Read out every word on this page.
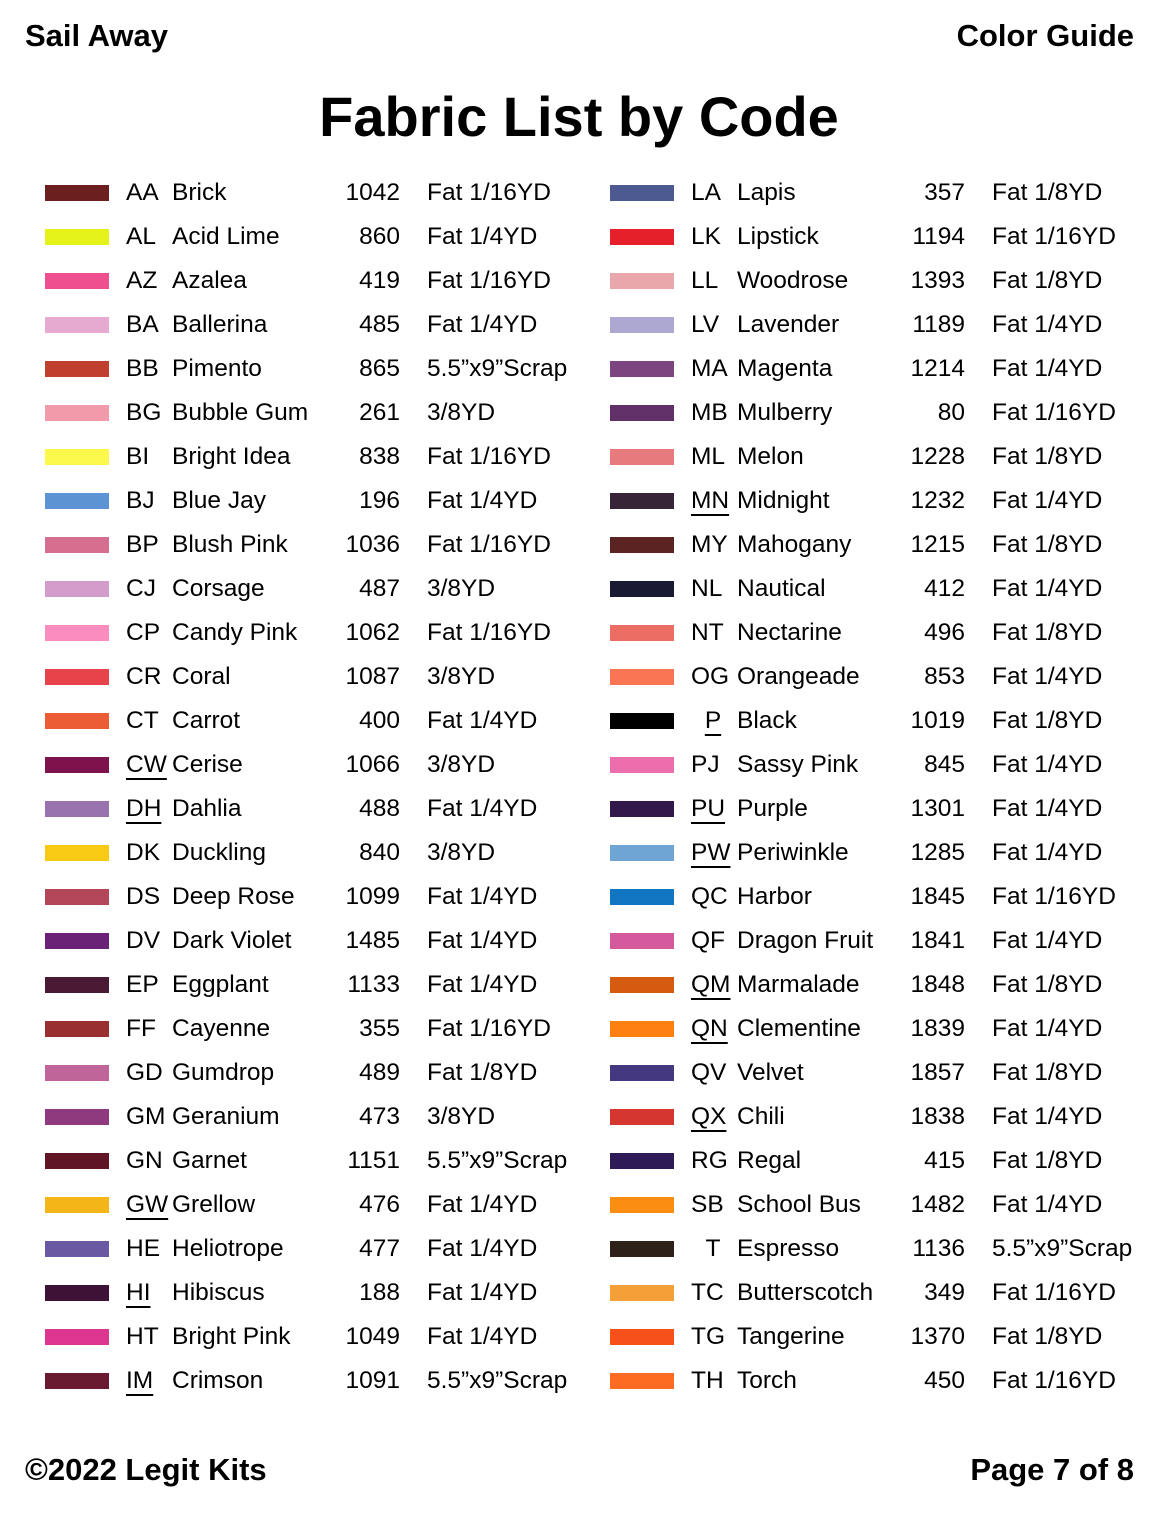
Sail Away	Color Guide
Fabric List by Code
AA Brick	1042 Fat 1/16YD
AL Acid Lime	860 Fat 1/4YD
AZ Azalea	419 Fat 1/16YD
BA Ballerina	485 Fat 1/4YD
BB Pimento	865 5.5”x9”Scrap
BG Bubble Gum	261 3/8YD
BI Bright Idea	838 Fat 1/16YD
BJ Blue Jay	196 Fat 1/4YD
BP Blush Pink	1036 Fat 1/16YD
CJ Corsage	487 3/8YD
CP Candy Pink	1062 Fat 1/16YD
CR Coral	1087 3/8YD
CT Carrot	400 Fat 1/4YD
CW Cerise	1066 3/8YD
DH Dahlia	488 Fat 1/4YD
DK Duckling	840 3/8YD
DS Deep Rose	1099 Fat 1/4YD
DV Dark Violet	1485 Fat 1/4YD
EP Eggplant	1133 Fat 1/4YD
FF Cayenne	355 Fat 1/16YD
GD Gumdrop	489 Fat 1/8YD
GM Geranium	473 3/8YD
GN Garnet	1151 5.5”x9”Scrap
GW Grellow	476 Fat 1/4YD
HE Heliotrope	477 Fat 1/4YD
HI Hibiscus	188 Fat 1/4YD
HT Bright Pink	1049 Fat 1/4YD
IM Crimson	1091 5.5”x9”Scrap
LA Lapis	357 Fat 1/8YD
LK Lipstick	1194 Fat 1/16YD
LL Woodrose	1393 Fat 1/8YD
LV Lavender	1189 Fat 1/4YD
MA Magenta	1214 Fat 1/4YD
MB Mulberry	80 Fat 1/16YD
ML Melon	1228 Fat 1/8YD
MN Midnight	1232 Fat 1/4YD
MY Mahogany	1215 Fat 1/8YD
NL Nautical	412 Fat 1/4YD
NT Nectarine	496 Fat 1/8YD
OG Orangeade	853 Fat 1/4YD
P Black	1019 Fat 1/8YD
PJ Sassy Pink	845 Fat 1/4YD
PU Purple	1301 Fat 1/4YD
PW Periwinkle	1285 Fat 1/4YD
QC Harbor	1845 Fat 1/16YD
QF Dragon Fruit	1841 Fat 1/4YD
QM Marmalade	1848 Fat 1/8YD
QN Clementine	1839 Fat 1/4YD
QV Velvet	1857 Fat 1/8YD
QX Chili	1838 Fat 1/4YD
RG Regal	415 Fat 1/8YD
SB School Bus	1482 Fat 1/4YD
T Espresso	1136 5.5”x9”Scrap
TC Butterscotch	349 Fat 1/16YD
TG Tangerine	1370 Fat 1/8YD
TH Torch	450 Fat 1/16YD
©2022 Legit Kits	Page 7 of 8
